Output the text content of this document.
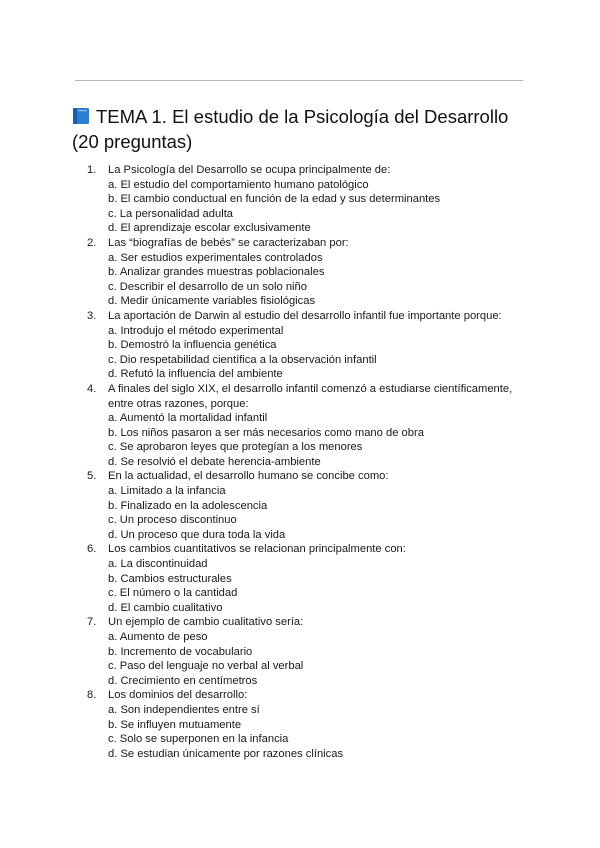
TEMA 1. El estudio de la Psicología del Desarrollo (20 preguntas)
1.	La Psicología del Desarrollo se ocupa principalmente de:
a. El estudio del comportamiento humano patológico
b. El cambio conductual en función de la edad y sus determinantes
c. La personalidad adulta
d. El aprendizaje escolar exclusivamente
2.	Las “biografías de bebés” se caracterizaban por:
a. Ser estudios experimentales controlados
b. Analizar grandes muestras poblacionales
c. Describir el desarrollo de un solo niño
d. Medir únicamente variables fisiológicas
3.	La aportación de Darwin al estudio del desarrollo infantil fue importante porque:
a. Introdujo el método experimental
b. Demostró la influencia genética
c. Dio respetabilidad científica a la observación infantil
d. Refutó la influencia del ambiente
4.	A finales del siglo XIX, el desarrollo infantil comenzó a estudiarse científicamente, entre otras razones, porque:
a. Aumentó la mortalidad infantil
b. Los niños pasaron a ser más necesarios como mano de obra
c. Se aprobaron leyes que protegían a los menores
d. Se resolvió el debate herencia-ambiente
5.	En la actualidad, el desarrollo humano se concibe como:
a. Limitado a la infancia
b. Finalizado en la adolescencia
c. Un proceso discontinuo
d. Un proceso que dura toda la vida
6.	Los cambios cuantitativos se relacionan principalmente con:
a. La discontinuidad
b. Cambios estructurales
c. El número o la cantidad
d. El cambio cualitativo
7.	Un ejemplo de cambio cualitativo sería:
a. Aumento de peso
b. Incremento de vocabulario
c. Paso del lenguaje no verbal al verbal
d. Crecimiento en centímetros
8.	Los dominios del desarrollo:
a. Son independientes entre sí
b. Se influyen mutuamente
c. Solo se superponen en la infancia
d. Se estudian únicamente por razones clínicas
